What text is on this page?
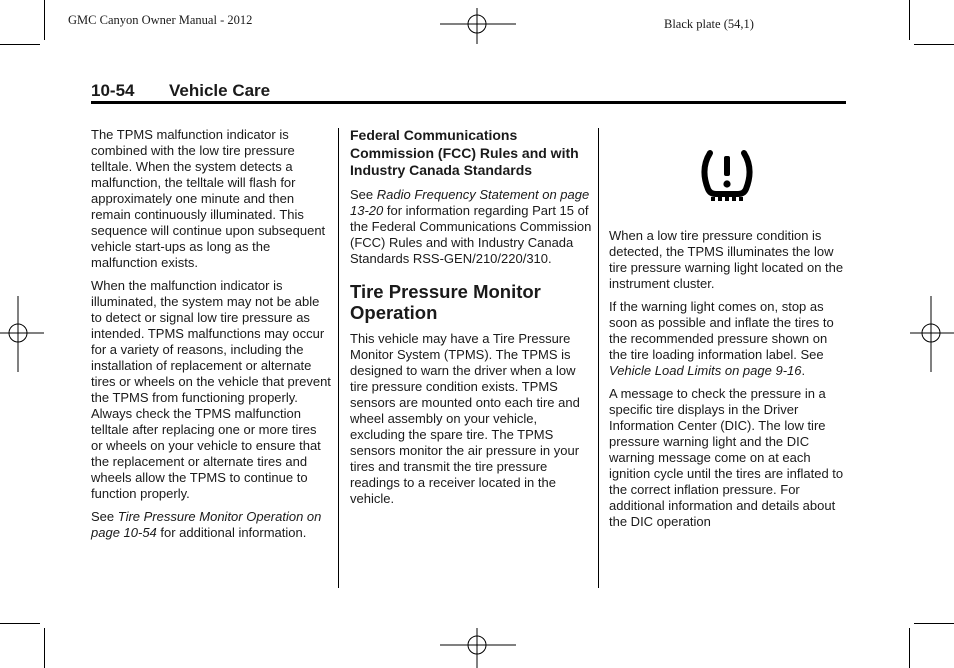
GMC Canyon Owner Manual - 2012	Black plate (54,1)
10-54 Vehicle Care

The TPMS malfunction indicator is combined with the low tire pressure telltale. When the system detects a malfunction, the telltale will flash for approximately one minute and then remain continuously illuminated. This sequence will continue upon subsequent vehicle start-ups as long as the malfunction exists.

When the malfunction indicator is illuminated, the system may not be able to detect or signal low tire pressure as intended. TPMS malfunctions may occur for a variety of reasons, including the installation of replacement or alternate tires or wheels on the vehicle that prevent the TPMS from functioning properly. Always check the TPMS malfunction telltale after replacing one or more tires or wheels on your vehicle to ensure that the replacement or alternate tires and wheels allow the TPMS to continue to function properly.

See Tire Pressure Monitor Operation on page 10-54 for additional information.

Federal Communications Commission (FCC) Rules and with Industry Canada Standards

See Radio Frequency Statement on page 13-20 for information regarding Part 15 of the Federal Communications Commission (FCC) Rules and with Industry Canada Standards RSS-GEN/210/220/310.

Tire Pressure Monitor Operation

This vehicle may have a Tire Pressure Monitor System (TPMS). The TPMS is designed to warn the driver when a low tire pressure condition exists. TPMS sensors are mounted onto each tire and wheel assembly on your vehicle, excluding the spare tire. The TPMS sensors monitor the air pressure in your tires and transmit the tire pressure readings to a receiver located in the vehicle.

When a low tire pressure condition is detected, the TPMS illuminates the low tire pressure warning light located on the instrument cluster.

If the warning light comes on, stop as soon as possible and inflate the tires to the recommended pressure shown on the tire loading information label. See Vehicle Load Limits on page 9-16.

A message to check the pressure in a specific tire displays in the Driver Information Center (DIC). The low tire pressure warning light and the DIC warning message come on at each ignition cycle until the tires are inflated to the correct inflation pressure. For additional information and details about the DIC operation
